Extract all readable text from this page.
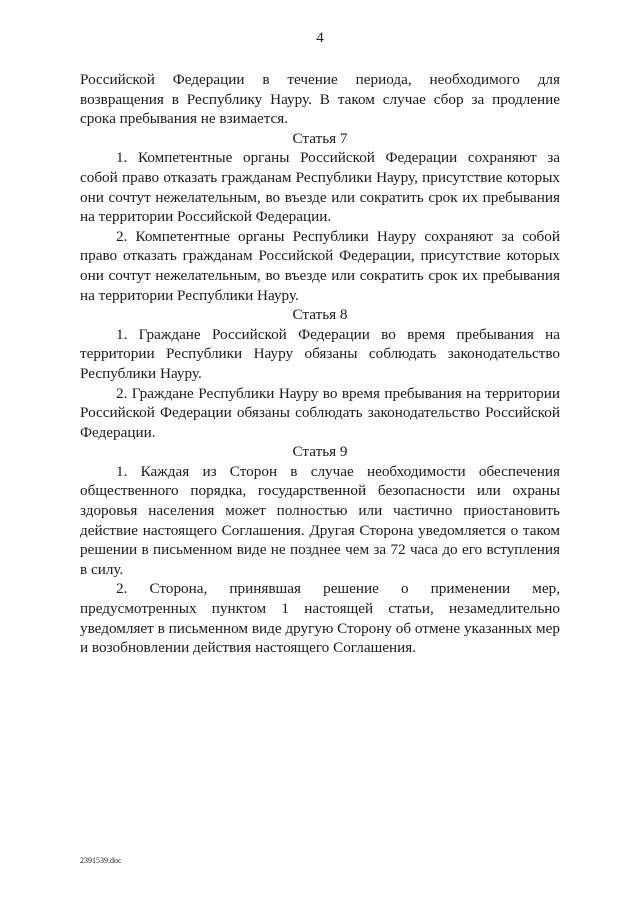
4

Российской Федерации в течение периода, необходимого для возвращения в Республику Науру. В таком случае сбор за продление срока пребывания не взимается.

Статья 7

1. Компетентные органы Российской Федерации сохраняют за собой право отказать гражданам Республики Науру, присутствие которых они сочтут нежелательным, во въезде или сократить срок их пребывания на территории Российской Федерации.

2. Компетентные органы Республики Науру сохраняют за собой право отказать гражданам Российской Федерации, присутствие которых они сочтут нежелательным, во въезде или сократить срок их пребывания на территории Республики Науру.

Статья 8

1. Граждане Российской Федерации во время пребывания на территории Республики Науру обязаны соблюдать законодательство Республики Науру.

2. Граждане Республики Науру во время пребывания на территории Российской Федерации обязаны соблюдать законодательство Российской Федерации.

Статья 9

1. Каждая из Сторон в случае необходимости обеспечения общественного порядка, государственной безопасности или охраны здоровья населения может полностью или частично приостановить действие настоящего Соглашения. Другая Сторона уведомляется о таком решении в письменном виде не позднее чем за 72 часа до его вступления в силу.

2. Сторона, принявшая решение о применении мер, предусмотренных пунктом 1 настоящей статьи, незамедлительно уведомляет в письменном виде другую Сторону об отмене указанных мер и возобновлении действия настоящего Соглашения.

2391539.doc
